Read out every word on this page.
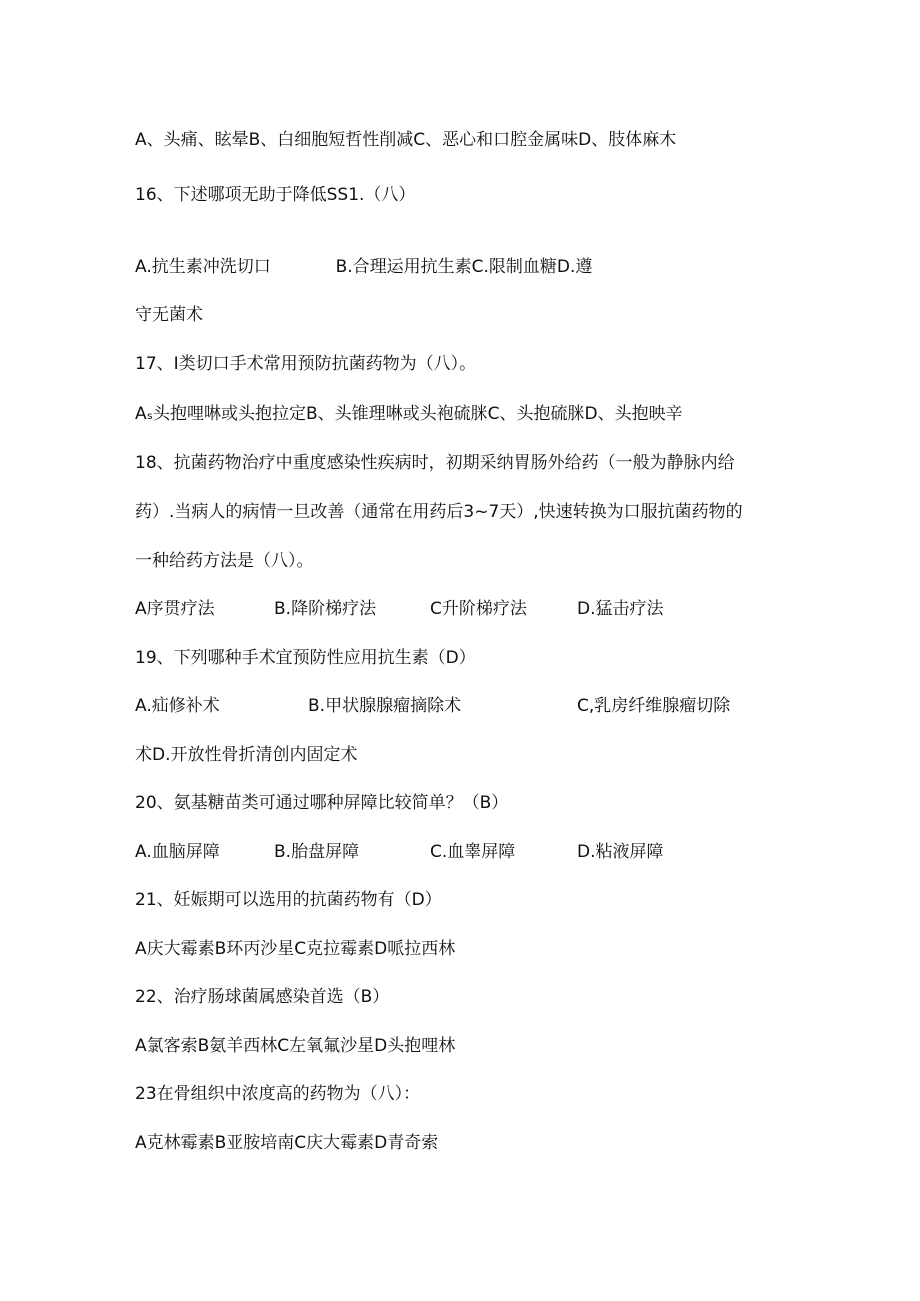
A、头痛、眩晕B、白细胞短哲性削减C、恶心和口腔金属味D、肢体麻木
16、下述哪项无助于降低SS1.（八）
A.抗生素冲洗切口            B.合理运用抗生素C.限制血糖D.遵
守无菌术
17、I类切口手术常用预防抗菌药物为（八）。
Aₛ头抱哩啉或头抱拉定B、头锥理啉或头袍硫脒C、头抱硫脒D、头抱映辛
18、抗菌药物治疗中重度感染性疾病时，初期采纳胃肠外给药（一般为静脉内给
药）.当病人的病情一旦改善（通常在用药后3~7天）,快速转换为口服抗菌药物的
一种给药方法是（八）。

A序贯疗法

	B.降阶梯疗法

	C升阶梯疗法

	D.猛击疗法

19、下列哪种手术宜预防性应用抗生素（D）

A.疝修补术

	B.甲状腺腺瘤摘除术

	C,乳房纤维腺瘤切除

术D.开放性骨折清创内固定术
20、氨基糖苗类可通过哪种屏障比较简单？（B）

A.血脑屏障

	B.胎盘屏障

	C.血睾屏障

	D.粘液屏障

21、妊娠期可以选用的抗菌药物有（D）
A庆大霉素B环丙沙星C克拉霉素D哌拉西林
22、治疗肠球菌属感染首选（B）
A氯客索B氨羊西林C左氧氟沙星D头抱哩林
23在骨组织中浓度高的药物为（八）：
A克林霉素B亚胺培南C庆大霉素D青奇索
